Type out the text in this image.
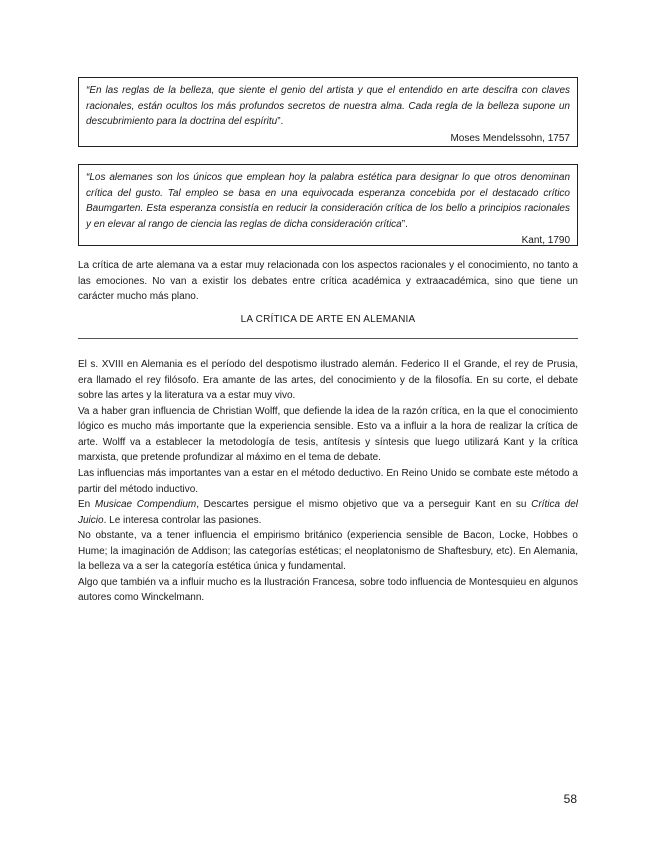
“En las reglas de la belleza, que siente el genio del artista y que el entendido en arte descifra con claves racionales, están ocultos los más profundos secretos de nuestra alma. Cada regla de la belleza supone un descubrimiento para la doctrina del espíritu”.

Moses Mendelssohn, 1757

“Los alemanes son los únicos que emplean hoy la palabra estética para designar lo que otros denominan crítica del gusto. Tal empleo se basa en una equivocada esperanza concebida por el destacado crítico Baumgarten. Esta esperanza consistía en reducir la consideración crítica de los bello a principios racionales y en elevar al rango de ciencia las reglas de dicha consideración crítica”.

Kant, 1790

La crítica de arte alemana va a estar muy relacionada con los aspectos racionales y el conocimiento, no tanto a las emociones. No van a existir los debates entre crítica académica y extraacadémica, sino que tiene un carácter mucho más plano.

LA CRÍTICA DE ARTE EN ALEMANIA

El s. XVIII en Alemania es el período del despotismo ilustrado alemán. Federico II el Grande, el rey de Prusia, era llamado el rey filósofo. Era amante de las artes, del conocimiento y de la filosofía. En su corte, el debate sobre las artes y la literatura va a estar muy vivo.

Va a haber gran influencia de Christian Wolff, que defiende la idea de la razón crítica, en la que el conocimiento lógico es mucho más importante que la experiencia sensible. Esto va a influir a la hora de realizar la crítica de arte. Wolff va a establecer la metodología de tesis, antítesis y síntesis que luego utilizará Kant y la crítica marxista, que pretende profundizar al máximo en el tema de debate.

Las influencias más importantes van a estar en el método deductivo. En Reino Unido se combate este método a partir del método inductivo.

En Musicae Compendium, Descartes persigue el mismo objetivo que va a perseguir Kant en su Crítica del Juicio. Le interesa controlar las pasiones.

No obstante, va a tener influencia el empirismo británico (experiencia sensible de Bacon, Locke, Hobbes o Hume; la imaginación de Addison; las categorías estéticas; el neoplatonismo de Shaftesbury, etc). En Alemania, la belleza va a ser la categoría estética única y fundamental.

Algo que también va a influir mucho es la Ilustración Francesa, sobre todo influencia de Montesquieu en algunos autores como Winckelmann.

58
